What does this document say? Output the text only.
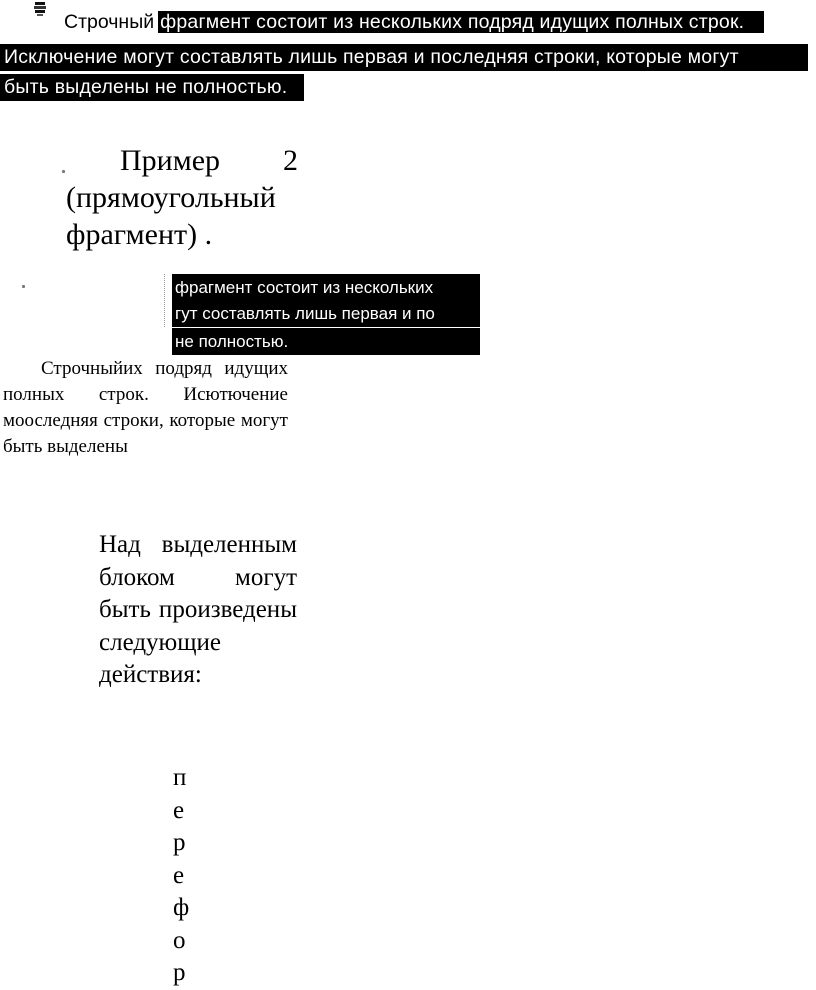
Строчный фрагмент состоит из нескольких подряд идущих полных строк.
Исключение могут составлять лишь первая и последняя строки, которые могут
быть выделены не полностью.
Пример 2
(прямоугольный
фрагмент) .
фрагмент состоит из нескольких
гут составлять лишь первая и по
не полностью.

Строчныйих подряд идущих полных строк. Исютючение мооследняя строки, которые могут быть выделены

Над выделенным блоком могут быть произведены следующие действия:

п
е
р
е
ф
о
р
